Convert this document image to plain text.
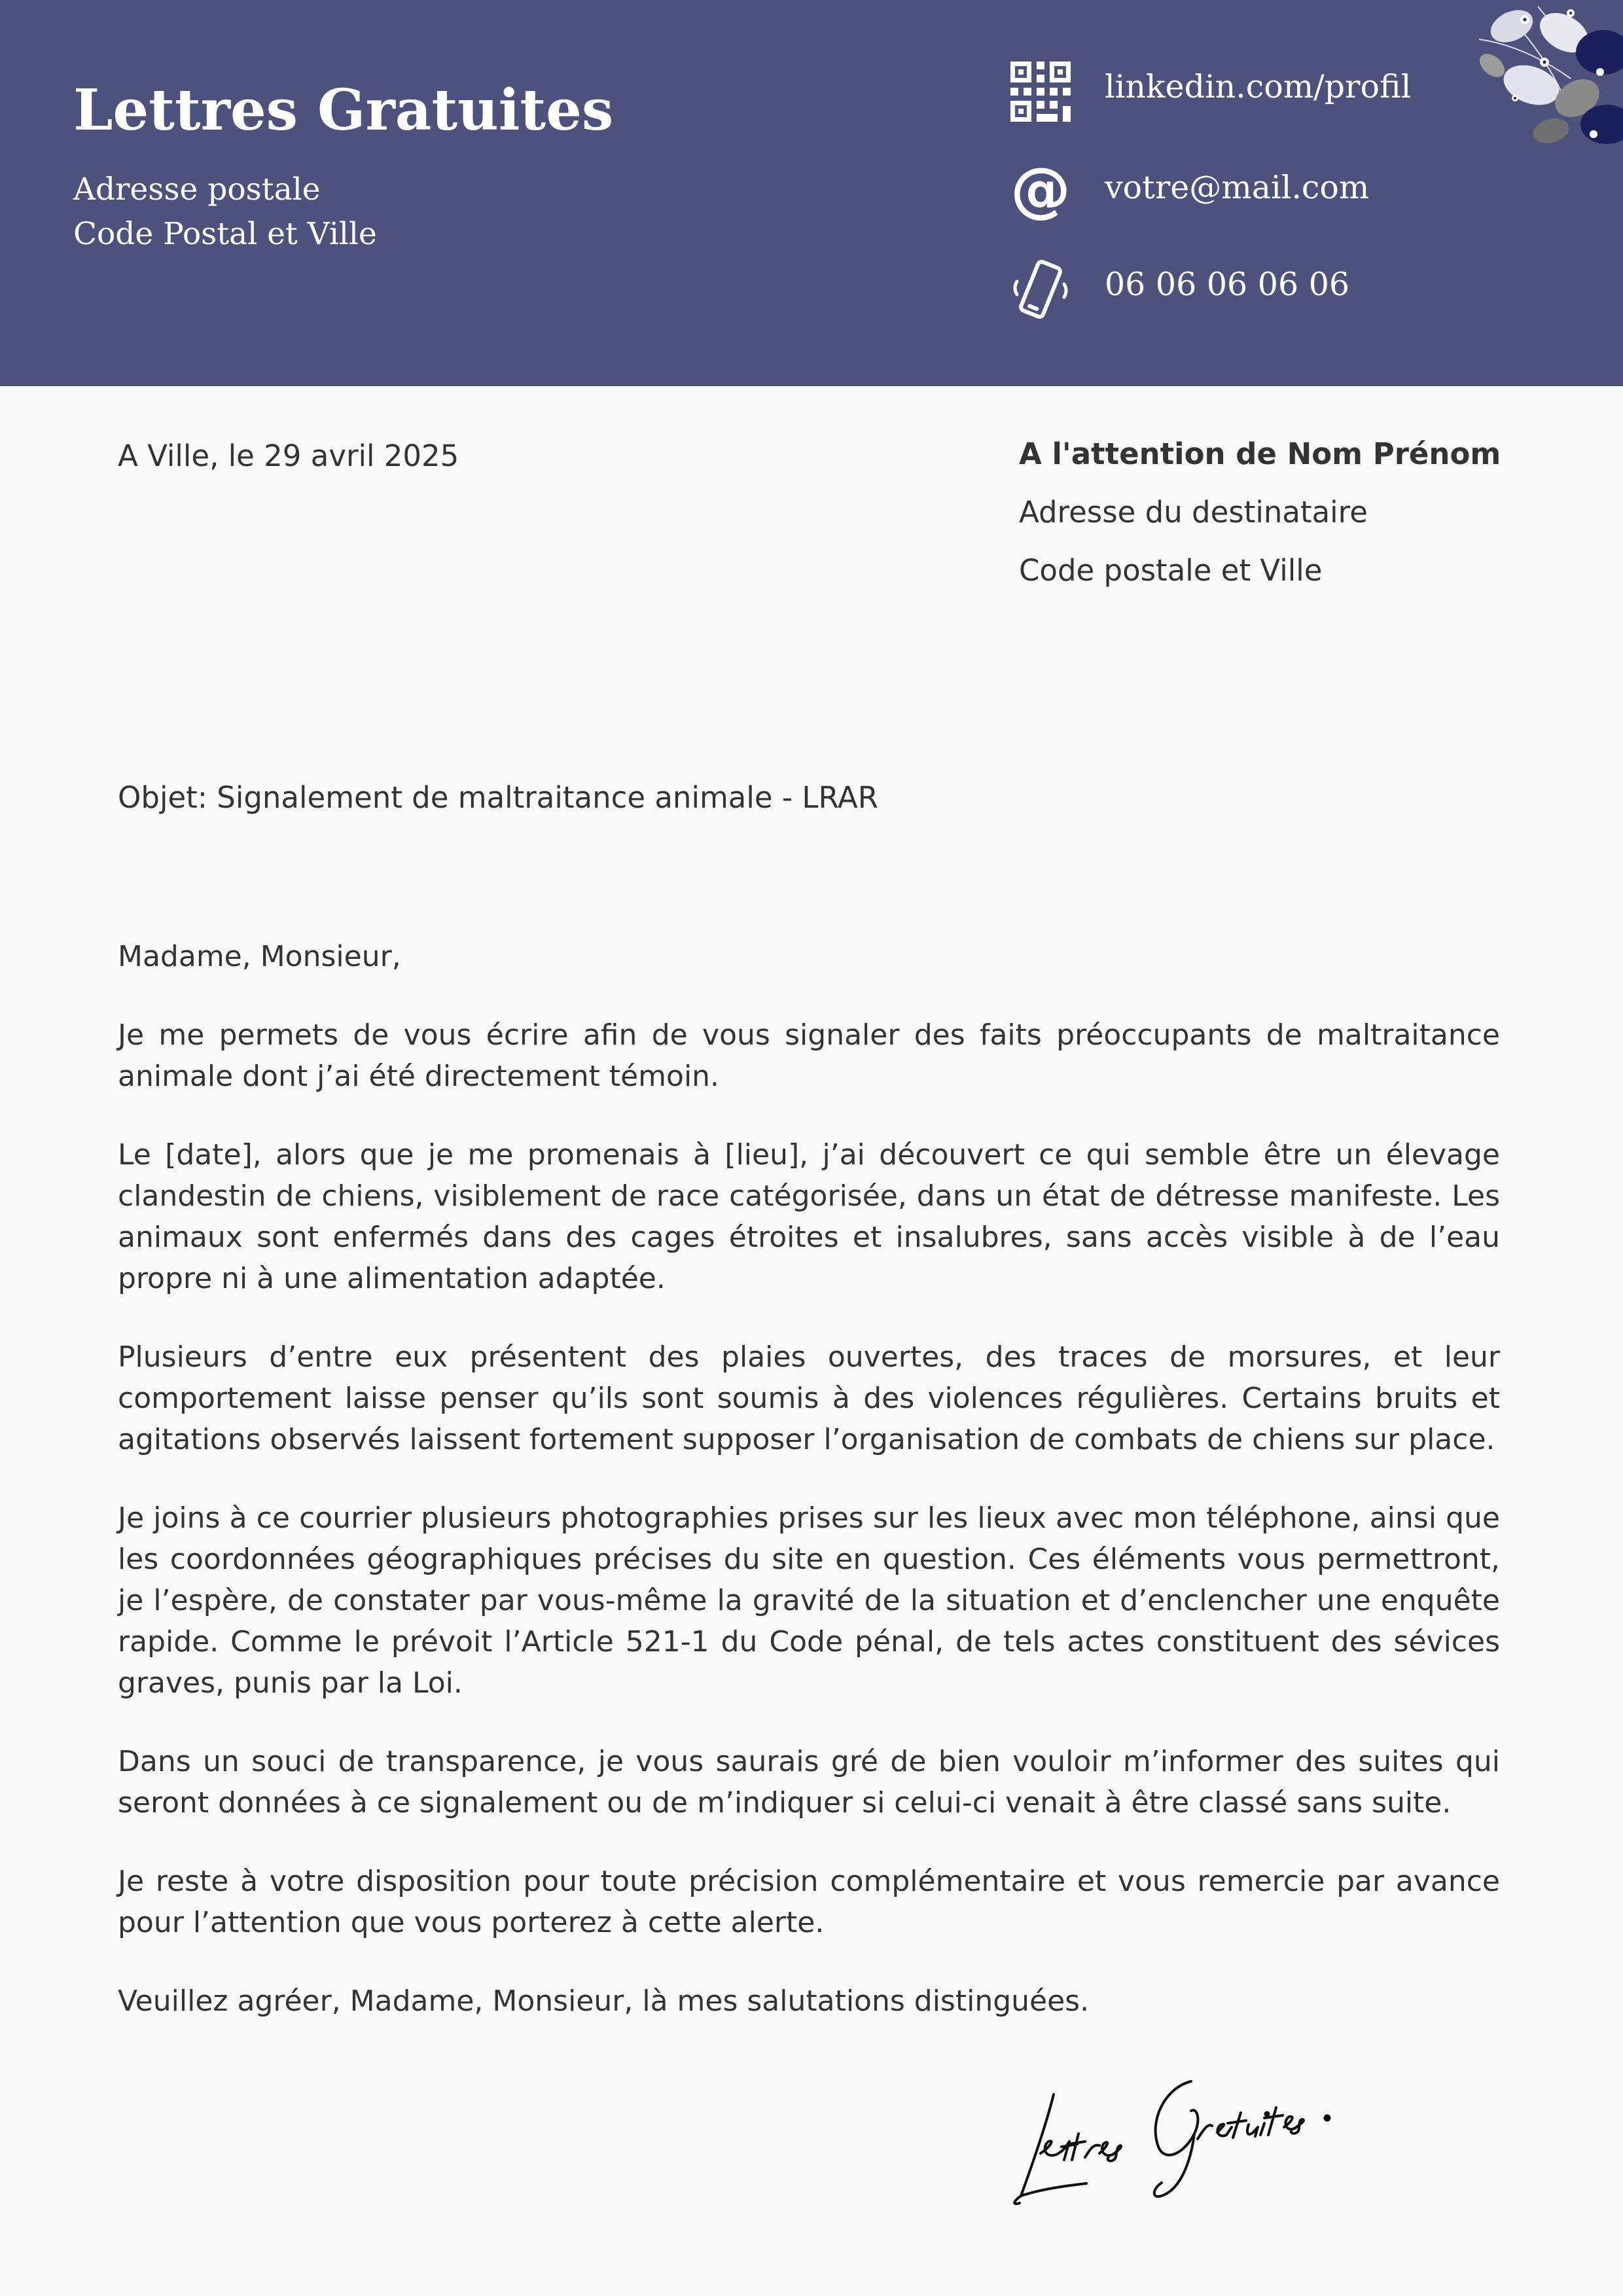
Lettres Gratuites
Adresse postale
Code Postal et Ville
linkedin.com/profil
@ votre@mail.com
06 06 06 06 06
A Ville, le 29 avril 2025	A l'attention de Nom Prénom
Adresse du destinataire
Code postale et Ville
Objet: Signalement de maltraitance animale - LRAR

Madame, Monsieur,

Je me permets de vous écrire afin de vous signaler des faits préoccupants de maltraitance animale dont j’ai été directement témoin.

Le [date], alors que je me promenais à [lieu], j’ai découvert ce qui semble être un élevage clandestin de chiens, visiblement de race catégorisée, dans un état de détresse manifeste. Les animaux sont enfermés dans des cages étroites et insalubres, sans accès visible à de l’eau propre ni à une alimentation adaptée.

Plusieurs d’entre eux présentent des plaies ouvertes, des traces de morsures, et leur comportement laisse penser qu’ils sont soumis à des violences régulières. Certains bruits et agitations observés laissent fortement supposer l’organisation de combats de chiens sur place.

Je joins à ce courrier plusieurs photographies prises sur les lieux avec mon téléphone, ainsi que les coordonnées géographiques précises du site en question. Ces éléments vous permettront, je l’espère, de constater par vous-même la gravité de la situation et d’enclencher une enquête rapide. Comme le prévoit l’Article 521-1 du Code pénal, de tels actes constituent des sévices graves, punis par la Loi.

Dans un souci de transparence, je vous saurais gré de bien vouloir m’informer des suites qui seront données à ce signalement ou de m’indiquer si celui-ci venait à être classé sans suite.

Je reste à votre disposition pour toute précision complémentaire et vous remercie par avance pour l’attention que vous porterez à cette alerte.

Veuillez agréer, Madame, Monsieur, là mes salutations distinguées.
